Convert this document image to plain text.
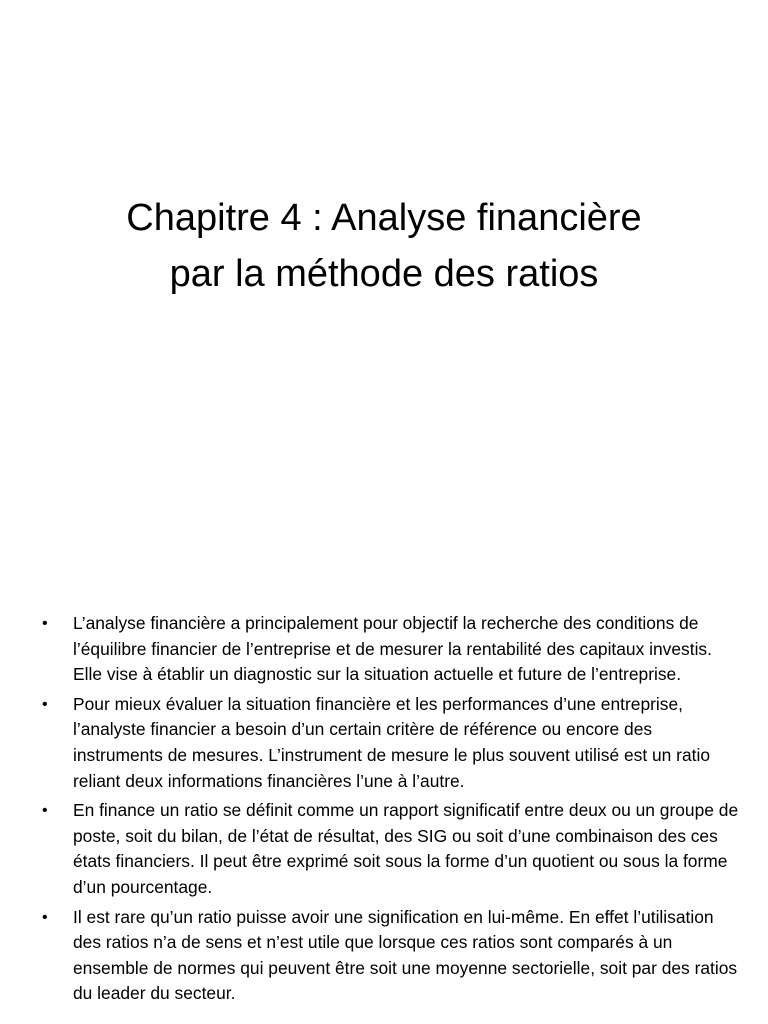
Chapitre 4 : Analyse financière
par la méthode des ratios
• L’analyse financière a principalement pour objectif la recherche des conditions de l’équilibre financier de l’entreprise et de mesurer la rentabilité des capitaux investis. Elle vise à établir un diagnostic sur la situation actuelle et future de l’entreprise.
• Pour mieux évaluer la situation financière et les performances d’une entreprise, l’analyste financier a besoin d’un certain critère de référence ou encore des instruments de mesures. L’instrument de mesure le plus souvent utilisé est un ratio reliant deux informations financières l’une à l’autre.
• En finance un ratio se définit comme un rapport significatif entre deux ou un groupe de poste, soit du bilan, de l’état de résultat, des SIG ou soit d’une combinaison des ces états financiers. Il peut être exprimé soit sous la forme d’un quotient ou sous la forme d’un pourcentage.
• Il est rare qu’un ratio puisse avoir une signification en lui-même. En effet l’utilisation des ratios n’a de sens et n’est utile que lorsque ces ratios sont comparés à un ensemble de normes qui peuvent être soit une moyenne sectorielle, soit par des ratios du leader du secteur.
